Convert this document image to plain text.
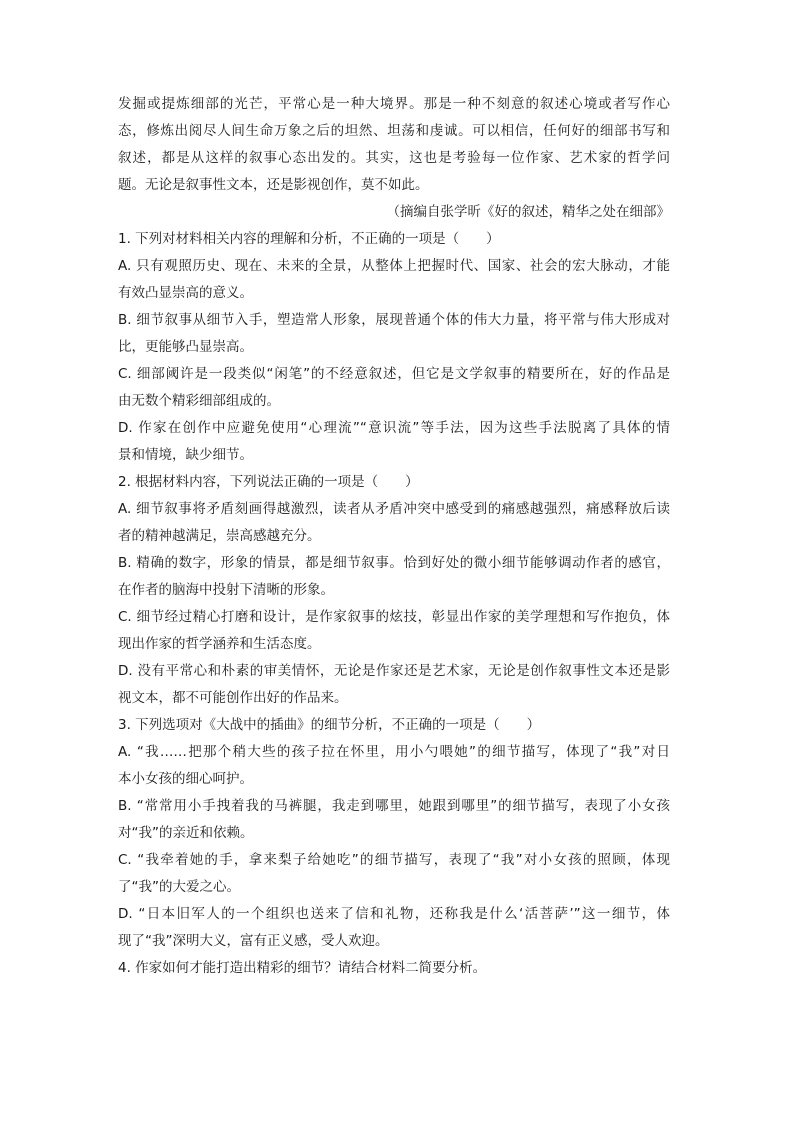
发掘或提炼细部的光芒，平常心是一种大境界。那是一种不刻意的叙述心境或者写作心
态，修炼出阅尽人间生命万象之后的坦然、坦荡和虔诚。可以相信，任何好的细部书写和
叙述，都是从这样的叙事心态出发的。其实，这也是考验每一位作家、艺术家的哲学问
题。无论是叙事性文本，还是影视创作，莫不如此。
（摘编自张学昕《好的叙述，精华之处在细部》
1. 下列对材料相关内容的理解和分析，不正确的一项是（　　）
A. 只有观照历史、现在、未来的全景，从整体上把握时代、国家、社会的宏大脉动，才能
有效凸显崇高的意义。
B. 细节叙事从细节入手，塑造常人形象，展现普通个体的伟大力量，将平常与伟大形成对
比，更能够凸显崇高。
C. 细部阈许是一段类似“闲笔”的不经意叙述，但它是文学叙事的精要所在，好的作品是
由无数个精彩细部组成的。
D. 作家在创作中应避免使用“心理流”“意识流”等手法，因为这些手法脱离了具体的情
景和情境，缺少细节。
2. 根据材料内容，下列说法正确的一项是（　　）
A. 细节叙事将矛盾刻画得越激烈，读者从矛盾冲突中感受到的痛感越强烈，痛感释放后读
者的精神越满足，崇高感越充分。
B. 精确的数字，形象的情景，都是细节叙事。恰到好处的微小细节能够调动作者的感官，
在作者的脑海中投射下清晰的形象。
C. 细节经过精心打磨和设计，是作家叙事的炫技，彰显出作家的美学理想和写作抱负，体
现出作家的哲学涵养和生活态度。
D. 没有平常心和朴素的审美情怀，无论是作家还是艺术家，无论是创作叙事性文本还是影
视文本，都不可能创作出好的作品来。
3. 下列选项对《大战中的插曲》的细节分析，不正确的一项是（　　）
A. “我……把那个稍大些的孩子拉在怀里，用小勺喂她”的细节描写，体现了“我”对日
本小女孩的细心呵护。
B. “常常用小手拽着我的马裤腿，我走到哪里，她跟到哪里”的细节描写，表现了小女孩
对“我”的亲近和依赖。
C. “我牵着她的手，拿来梨子给她吃”的细节描写，表现了“我”对小女孩的照顾，体现
了“我”的大爱之心。
D. “日本旧军人的一个组织也送来了信和礼物，还称我是什么‘活菩萨’”这一细节，体
现了“我”深明大义，富有正义感，受人欢迎。
4. 作家如何才能打造出精彩的细节？请结合材料二简要分析。
